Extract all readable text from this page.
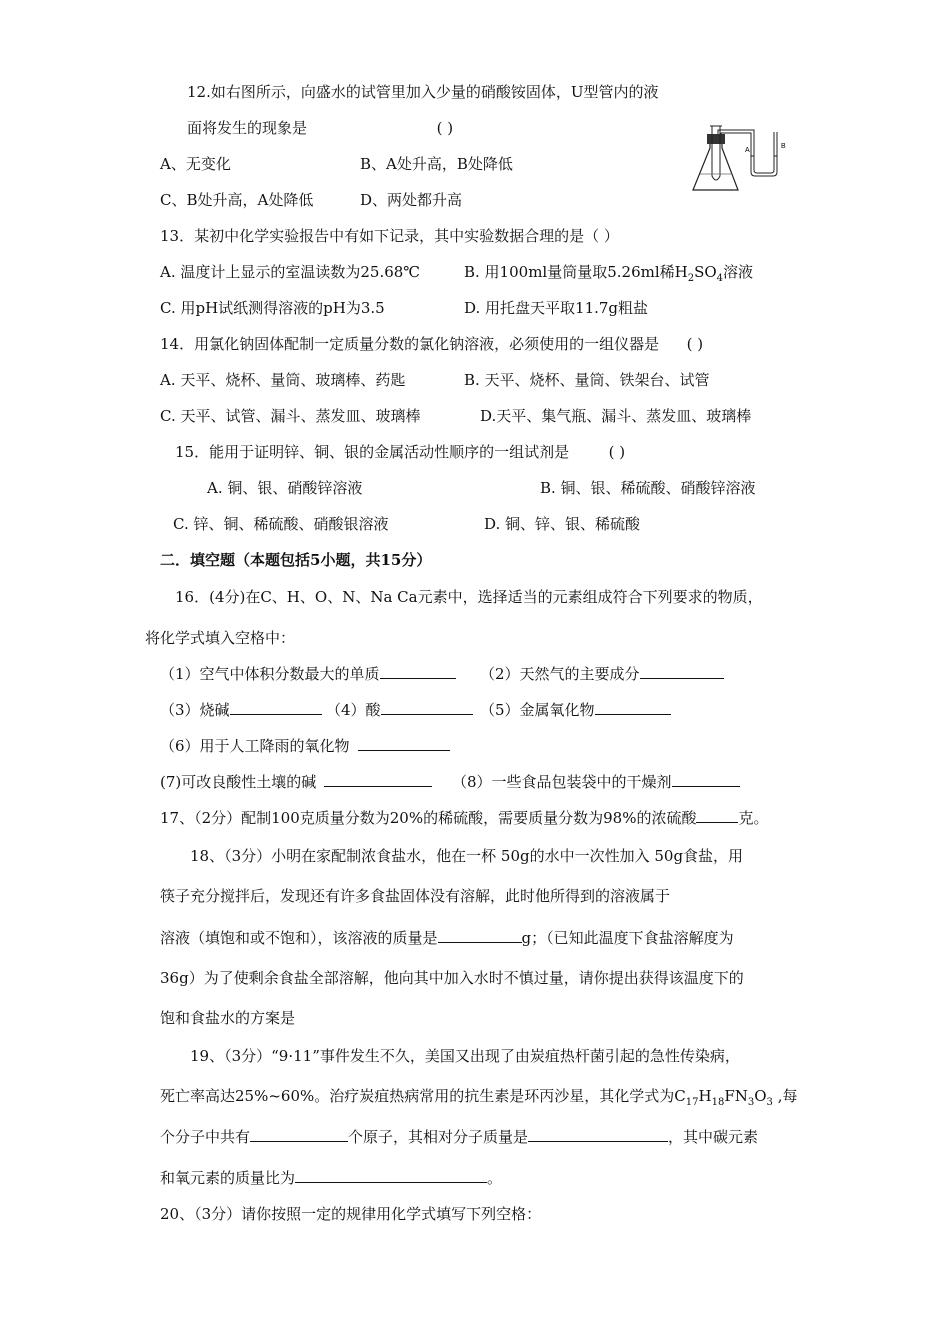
12.如右图所示，向盛水的试管里加入少量的硝酸铵固体，U型管内的液
面将发生的现象是	( )
A、无变化	B、A处升高，B处降低
C、B处升高，A处降低	D、两处都升高
A
B
13．某初中化学实验报告中有如下记录，其中实验数据合理的是（ ）
A. 温度计上显示的室温读数为25.68℃	B. 用100ml量筒量取5.26ml稀$H_2SO_4$溶液
C. 用pH试纸测得溶液的pH为3.5	D. 用托盘天平取11.7g粗盐
14．用氯化钠固体配制一定质量分数的氯化钠溶液，必须使用的一组仪器是 ( )
A. 天平、烧杯、量筒、玻璃棒、药匙	B. 天平、烧杯、量筒、铁架台、试管
C. 天平、试管、漏斗、蒸发皿、玻璃棒	D.天平、集气瓶、漏斗、蒸发皿、玻璃棒
15．能用于证明锌、铜、银的金属活动性顺序的一组试剂是	( )
A. 铜、银、硝酸锌溶液	B. 铜、银、稀硫酸、硝酸锌溶液
C. 锌、铜、稀硫酸、硝酸银溶液	D. 铜、锌、银、稀硫酸
二．填空题（本题包括5小题，共15分）
16．(4分)在C、H、O、N、Na Ca元素中，选择适当的元素组成符合下列要求的物质，
将化学式填入空格中：
（1）空气中体积分数最大的单质	（2）天然气的主要成分
（3）烧碱	（4）酸	（5）金属氧化物
（6）用于人工降雨的氧化物
(7)可改良酸性土壤的碱	（8）一些食品包装袋中的干燥剂
17、（2分）配制100克质量分数为20%的稀硫酸，需要质量分数为98%的浓硫酸	克。
18、（3分）小明在家配制浓食盐水，他在一杯 50g的水中一次性加入 50g食盐，用
筷子充分搅拌后，发现还有许多食盐固体没有溶解，此时他所得到的溶液属于
溶液（填饱和或不饱和），该溶液的质量是	g；（已知此温度下食盐溶解度为
36g）为了使剩余食盐全部溶解，他向其中加入水时不慎过量，请你提出获得该温度下的
饱和食盐水的方案是
19、（3分）“9·11”事件发生不久，美国又出现了由炭疽热杆菌引起的急性传染病，
死亡率高达25%~60%。治疗炭疽热病常用的抗生素是环丙沙星，其化学式为$C_{17}H_{18}FN_3O_3$ ,每
个分子中共有	个原子，其相对分子质量是	，其中碳元素
和氧元素的质量比为	。
20、（3分）请你按照一定的规律用化学式填写下列空格：
